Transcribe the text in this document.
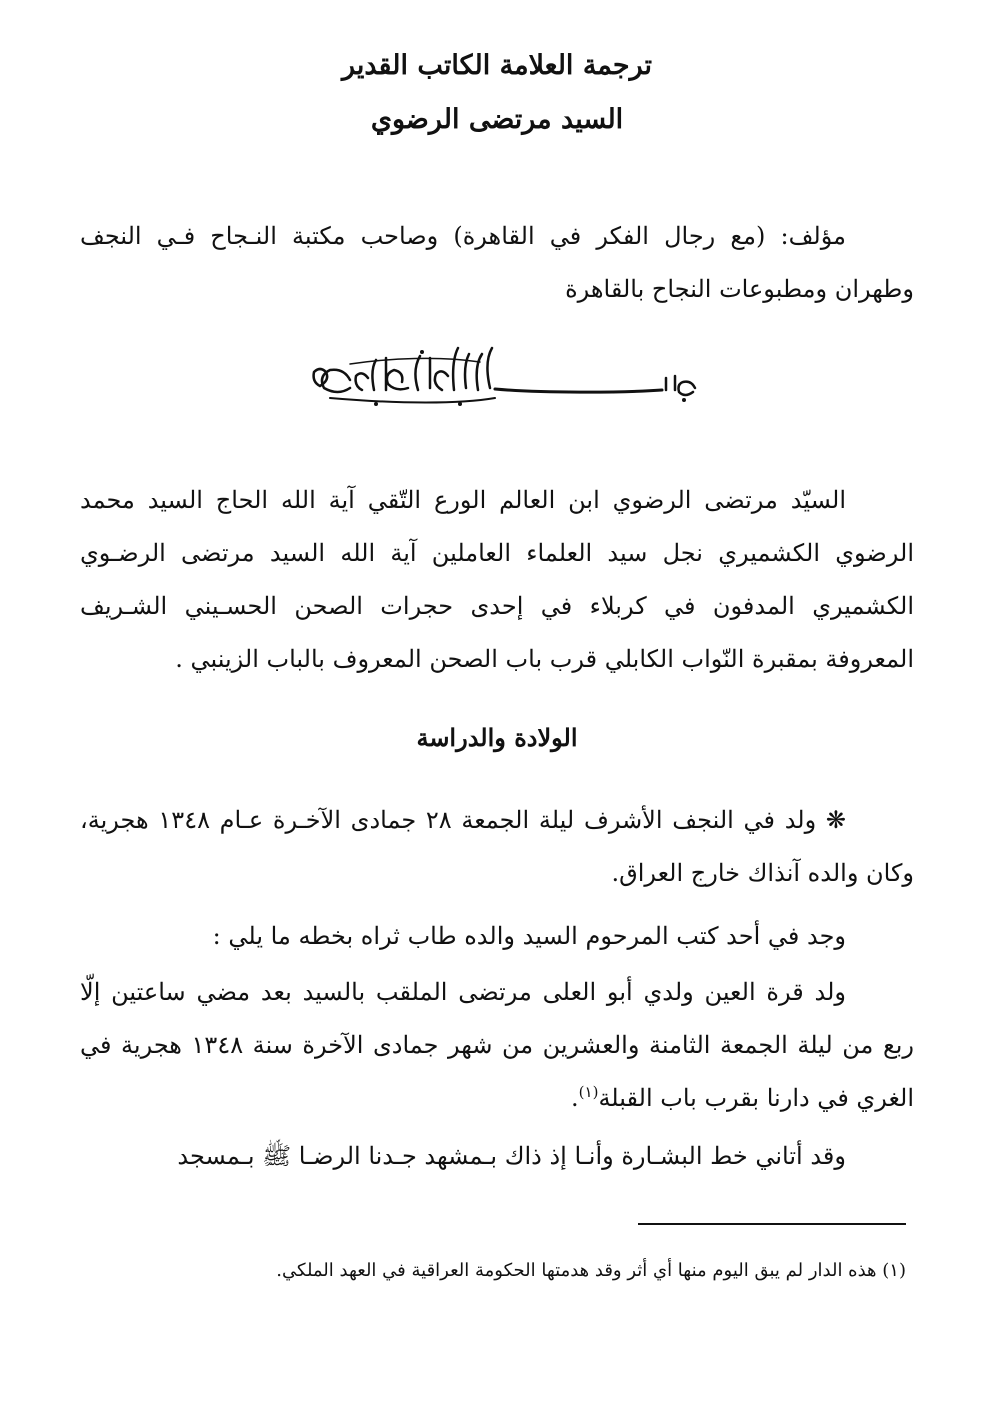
ترجمة العلامة الكاتب القدير
السيد مرتضى الرضوي
مؤلف: (مع رجال الفكر في القاهرة) وصاحب مكتبة النـجاح فـي النجف وطهران ومطبوعات النجاح بالقاهرة
السيّد مرتضى الرضوي ابن العالم الورع التّقي آية الله الحاج السيد محمد الرضوي الكشميري نجل سيد العلماء العاملين آية الله السيد مرتضى الرضـوي الكشميري المدفون في كربلاء في إحدى حجرات الصحن الحسـيني الشـريف المعروفة بمقبرة النّواب الكابلي قرب باب الصحن المعروف بالباب الزينبي .
الولادة والدراسة
❋ ولد في النجف الأشرف ليلة الجمعة ٢٨ جمادى الآخـرة عـام ١٣٤٨ هجرية، وكان والده آنذاك خارج العراق.
وجد في أحد كتب المرحوم السيد والده طاب ثراه بخطه ما يلي :
ولد قرة العين ولدي أبو العلى مرتضى الملقب بالسيد بعد مضي ساعتين إلّا ربع من ليلة الجمعة الثامنة والعشرين من شهر جمادى الآخرة سنة ١٣٤٨ هجرية في الغري في دارنا بقرب باب القبلة$^{(١)}$.
وقد أتاني خط البشـارة وأنـا إذ ذاك بـمشهد جـدنا الرضـا ﷺ بـمسجد
(١) هذه الدار لم يبق اليوم منها أي أثر وقد هدمتها الحكومة العراقية في العهد الملكي.
